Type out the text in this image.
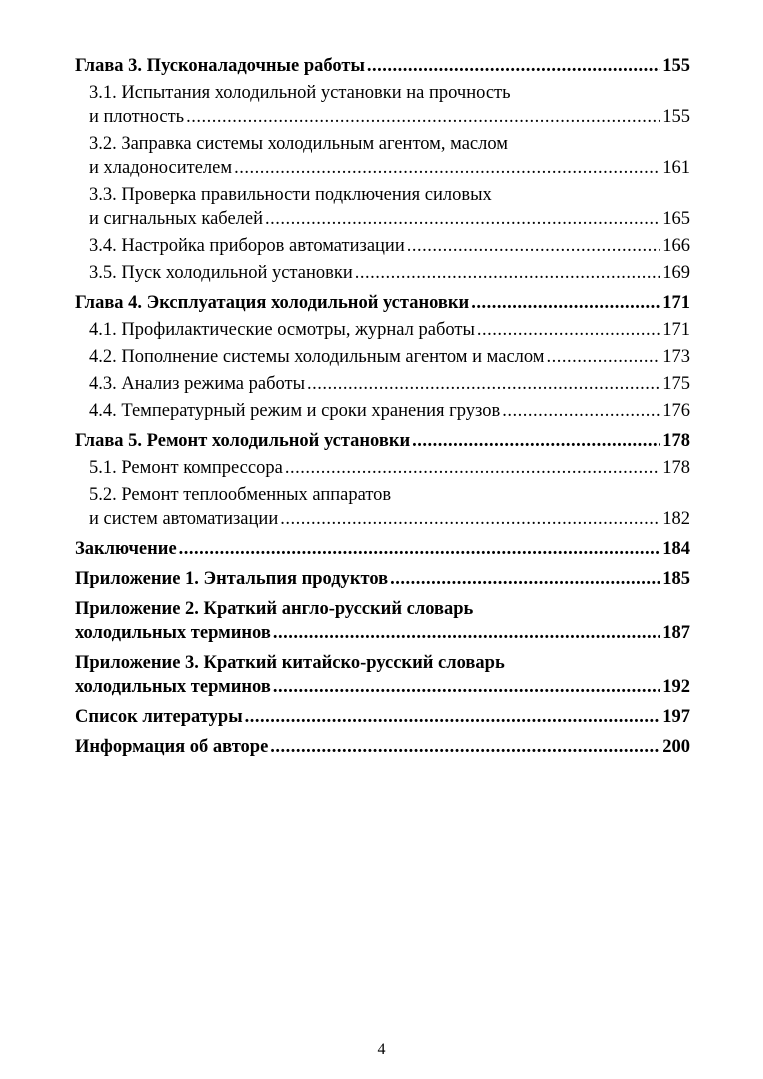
Глава 3. Пусконаладочные работы .....	155
3.1. Испытания холодильной установки на прочность
и плотность .....	155
3.2. Заправка системы холодильным агентом, маслом
и хладоносителем .....	161
3.3. Проверка правильности подключения силовых
и сигнальных кабелей .....	165
3.4. Настройка приборов автоматизации .....	166
3.5. Пуск холодильной установки .....	169
Глава 4. Эксплуатация холодильной установки .....	171
4.1. Профилактические осмотры, журнал работы .....	171
4.2. Пополнение системы холодильным агентом и маслом .....	173
4.3. Анализ режима работы .....	175
4.4. Температурный режим и сроки хранения грузов .....	176
Глава 5. Ремонт холодильной установки .....	178
5.1. Ремонт компрессора .....	178
5.2. Ремонт теплообменных аппаратов
и систем автоматизации .....	182
Заключение .....	184
Приложение 1. Энтальпия продуктов .....	185
Приложение 2. Краткий англо-русский словарь
холодильных терминов .....	187
Приложение 3. Краткий китайско-русский словарь
холодильных терминов .....	192
Список литературы .....	197
Информация об авторе .....	200
4
